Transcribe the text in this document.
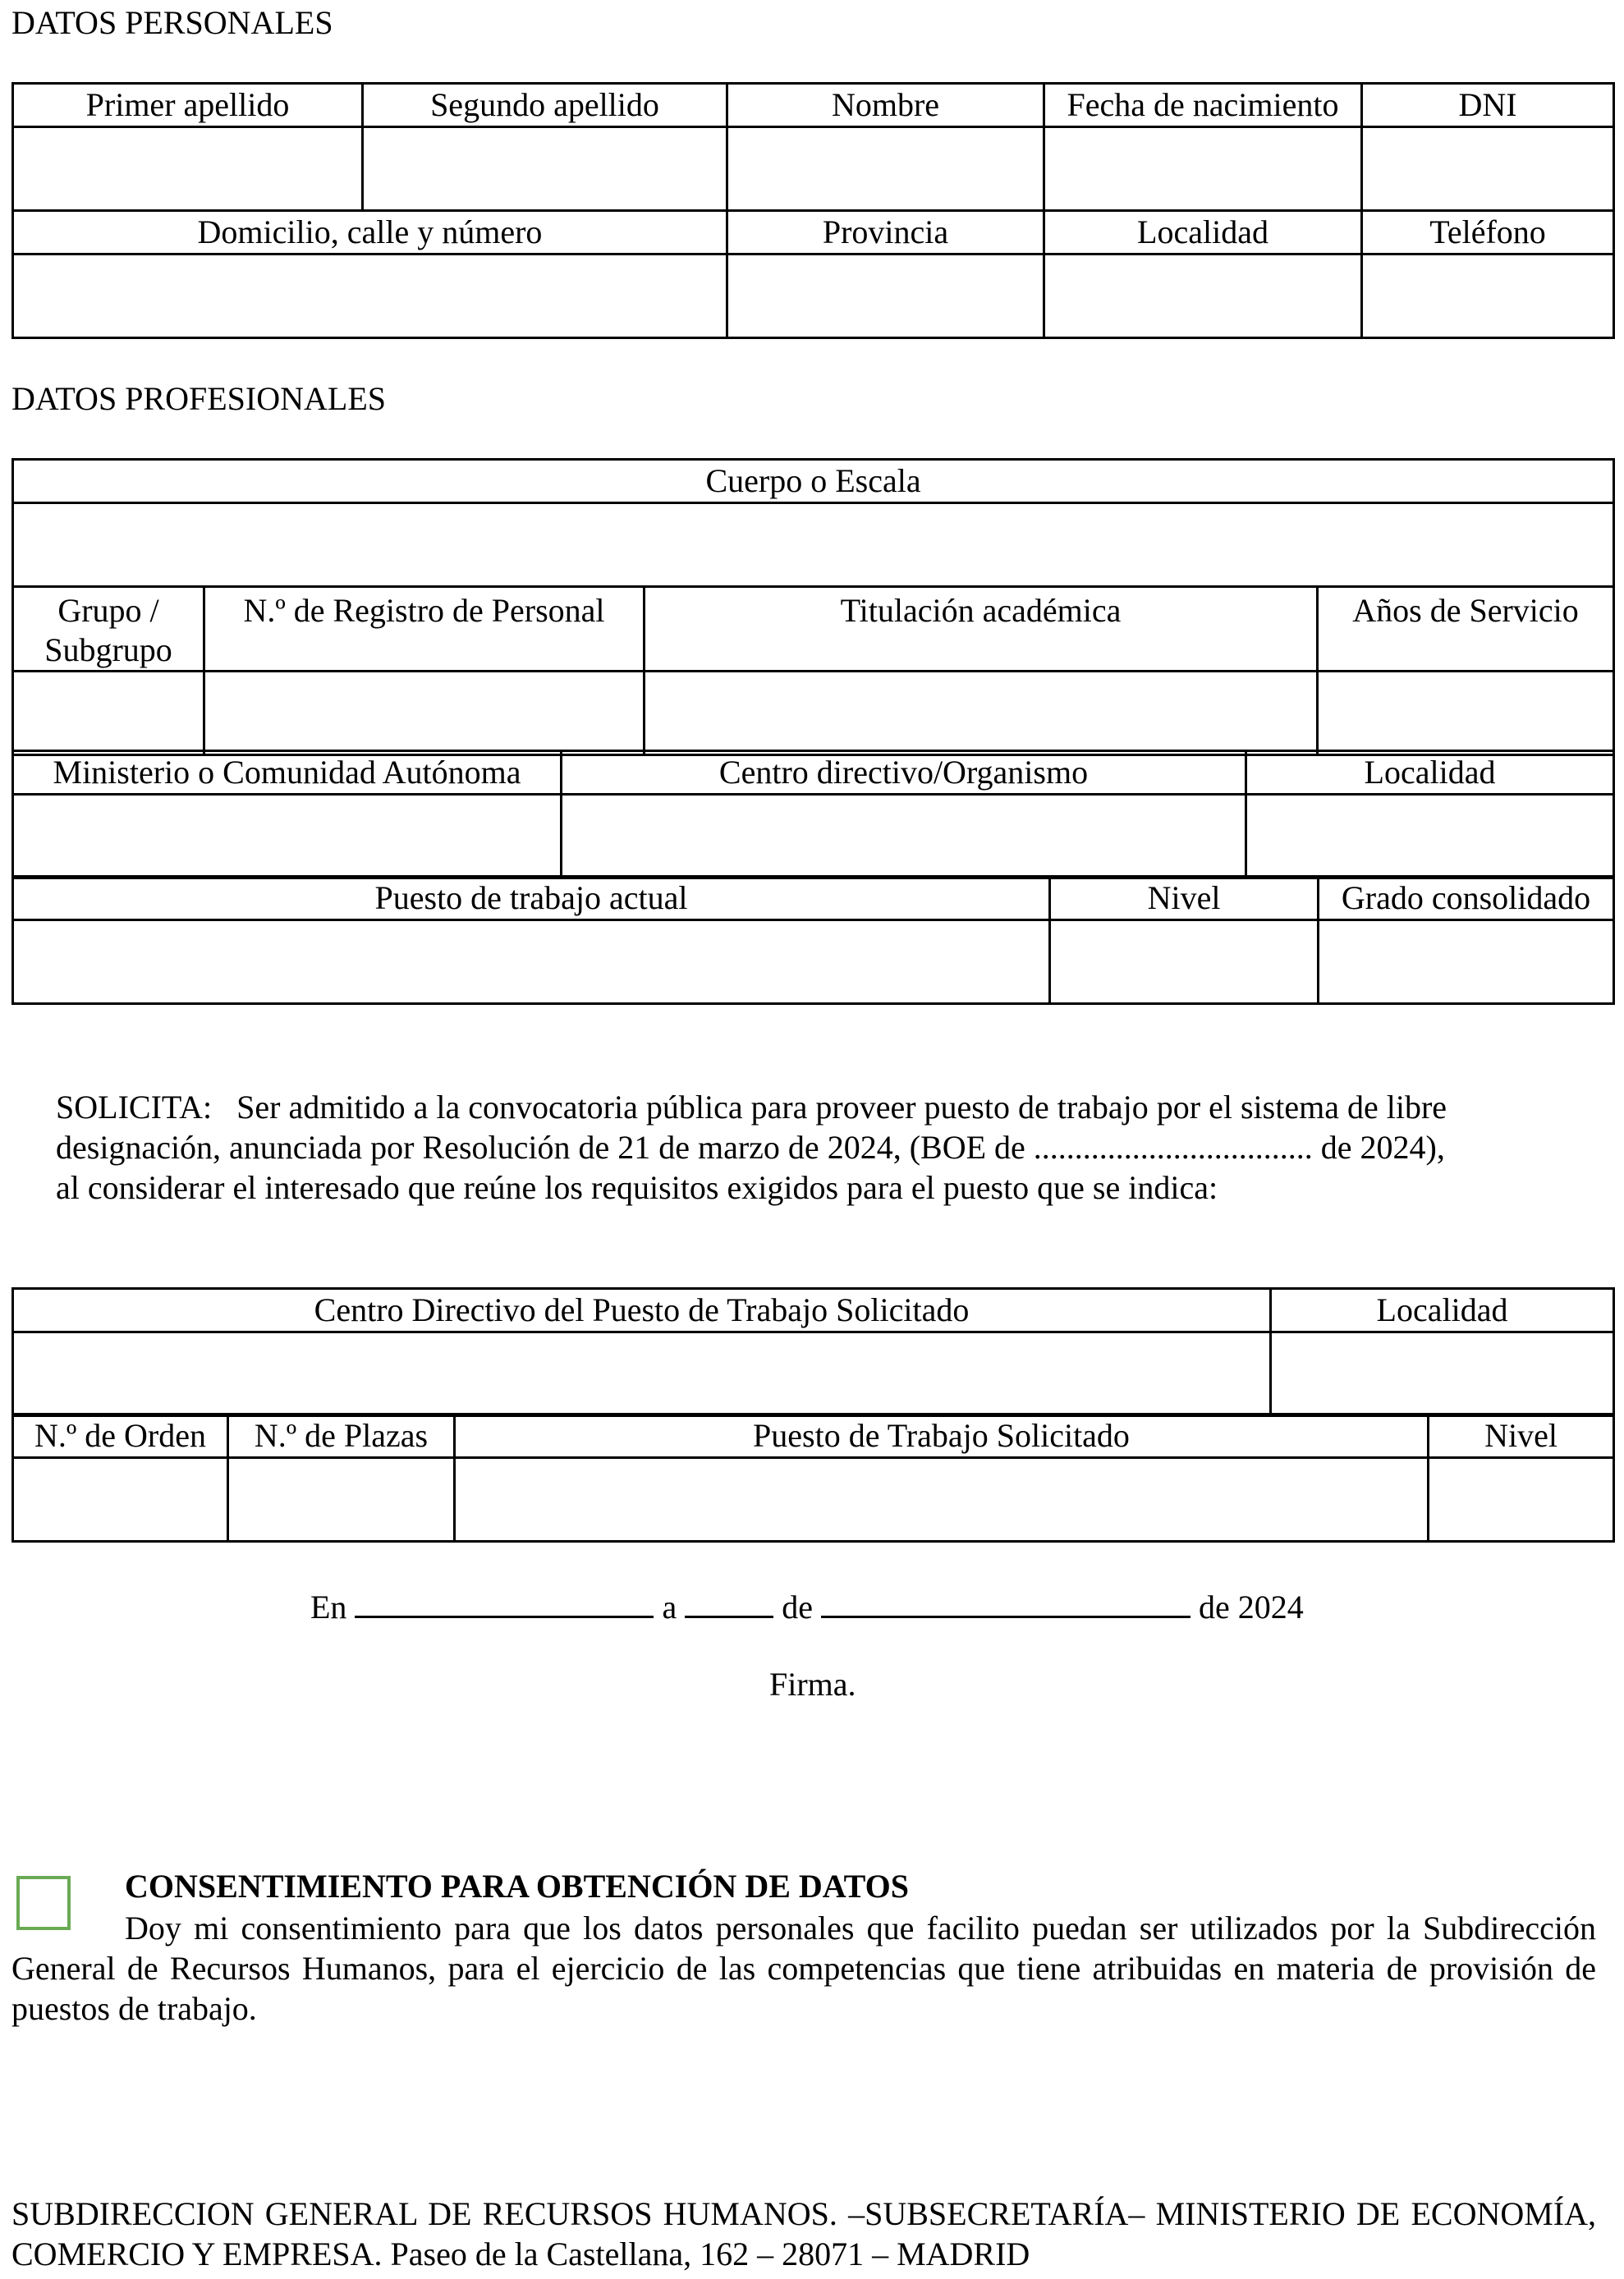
DATOS PERSONALES
Primer apellido	Segundo apellido	Nombre	Fecha de nacimiento	DNI

Domicilio, calle y número		Provincia	Localidad	Teléfono

DATOS PROFESIONALES
Cuerpo o Escala			

Grupo / Subgrupo	N.º de Registro de Personal	Titulación académica	Años de Servicio

Ministerio o Comunidad Autónoma	Centro directivo/Organismo	Localidad

Puesto de trabajo actual	Nivel	Grado consolidado

SOLICITA: Ser admitido a la convocatoria pública para proveer puesto de trabajo por el sistema de libre
designación, anunciada por Resolución de 21 de marzo de 2024, (BOE de .................................. de 2024),
al considerar el interesado que reúne los requisitos exigidos para el puesto que se indica:
Centro Directivo del Puesto de Trabajo Solicitado	Localidad

N.º de Orden	N.º de Plazas	Puesto de Trabajo Solicitado	Nivel

En	a	de	de 2024
Firma.
CONSENTIMIENTO PARA OBTENCIÓN DE DATOS
Doy mi consentimiento para que los datos personales que facilito puedan ser utilizados por la Subdirección General de Recursos Humanos, para el ejercicio de las competencias que tiene atribuidas en materia de provisión de puestos de trabajo.
SUBDIRECCION GENERAL DE RECURSOS HUMANOS. –SUBSECRETARÍA– MINISTERIO DE ECONOMÍA, COMERCIO Y EMPRESA. Paseo de la Castellana, 162 – 28071 – MADRID
